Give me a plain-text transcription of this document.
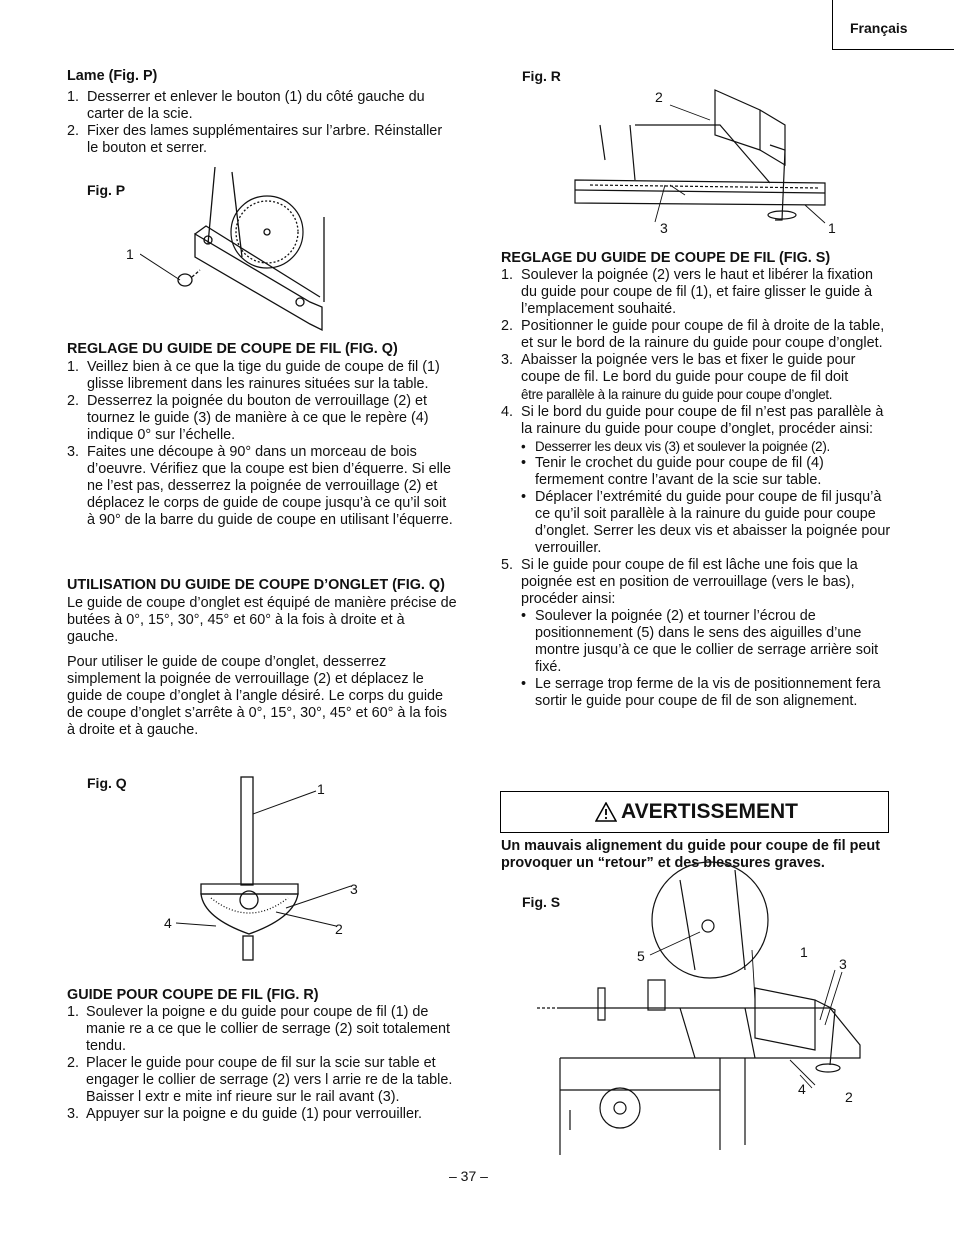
Français

Lame (Fig. P)

1. Desserrer et enlever le bouton (1) du côté gauche du carter de la scie.
2. Fixer des lames supplémentaires sur l’arbre. Réinstaller le bouton et serrer.
Fig. P
1

REGLAGE DU GUIDE DE COUPE DE FIL (FIG. Q)

1. Veillez bien à ce que la tige du guide de coupe de fil (1) glisse librement dans les rainures situées sur la table.
2. Desserrez la poignée du bouton de verrouillage (2) et tournez le guide (3) de manière à ce que le repère (4) indique 0° sur l’échelle.
3. Faites une découpe à 90° dans un morceau de bois d’oeuvre. Vérifiez que la coupe est bien d’équerre. Si elle ne l’est pas, desserrez la poignée de verrouillage (2) et déplacez le corps de guide de coupe jusqu’à ce qu’il soit à 90° de la barre du guide de coupe en utilisant l’équerre.

UTILISATION DU GUIDE DE COUPE D’ONGLET (FIG. Q)

Le guide de coupe d’onglet est équipé de manière précise de butées à 0°, 15°, 30°, 45° et 60° à la fois à droite et à gauche.

Pour utiliser le guide de coupe d’onglet, desserrez simplement la poignée de verrouillage (2) et déplacez le guide de coupe d’onglet à l’angle désiré. Le corps du guide de coupe d’onglet s’arrête à 0°, 15°, 30°, 45° et 60° à la fois à droite et à gauche.

Fig. Q	1
3
4	2

GUIDE POUR COUPE DE FIL (FIG. R)

1. Soulever la poigne e du guide pour coupe de fil (1) de manie re a ce que le collier de serrage (2) soit totalement tendu.
2. Placer le guide pour coupe de fil sur la scie sur table et engager le collier de serrage (2) vers l arrie re de la table. Baisser l extr e mite inf rieure sur le rail avant (3).
3. Appuyer sur la poigne e du guide (1) pour verrouiller.
Fig. R
2
3	1

REGLAGE DU GUIDE DE COUPE DE FIL (FIG. S)

1. Soulever la poignée (2) vers le haut et libérer la fixation du guide pour coupe de fil (1), et faire glisser le guide à l’emplacement souhaité.
2. Positionner le guide pour coupe de fil à droite de la table, et sur le bord de la rainure du guide pour coupe d’onglet.
3. Abaisser la poignée vers le bas et fixer le guide pour coupe de fil. Le bord du guide pour coupe de fil doit
être parallèle à la rainure du guide pour coupe d’onglet.
4. Si le bord du guide pour coupe de fil n’est pas parallèle à la rainure du guide pour coupe d’onglet, procéder ainsi:
• Desserrer les deux vis (3) et soulever la poignée (2).
• Tenir le crochet du guide pour coupe de fil (4) fermement contre l’avant de la scie sur table.
• Déplacer l’extrémité du guide pour coupe de fil jusqu’à ce qu’il soit parallèle à la rainure du guide pour coupe d’onglet. Serrer les deux vis et abaisser la poignée pour verrouiller.
5. Si le guide pour coupe de fil est lâche une fois que la poignée est en position de verrouillage (vers le bas), procéder ainsi:
• Soulever la poignée (2) et tourner l’écrou de positionnement (5) dans le sens des aiguilles d’une montre jusqu’à ce que le collier de serrage arrière soit fixé.
• Le serrage trop ferme de la vis de positionnement fera sortir le guide pour coupe de fil de son alignement.
AVERTISSEMENT
Un mauvais alignement du guide pour coupe de fil peut provoquer un “retour” et des blessures graves.
Fig. S
5	1
3
4	2
– 37 –
